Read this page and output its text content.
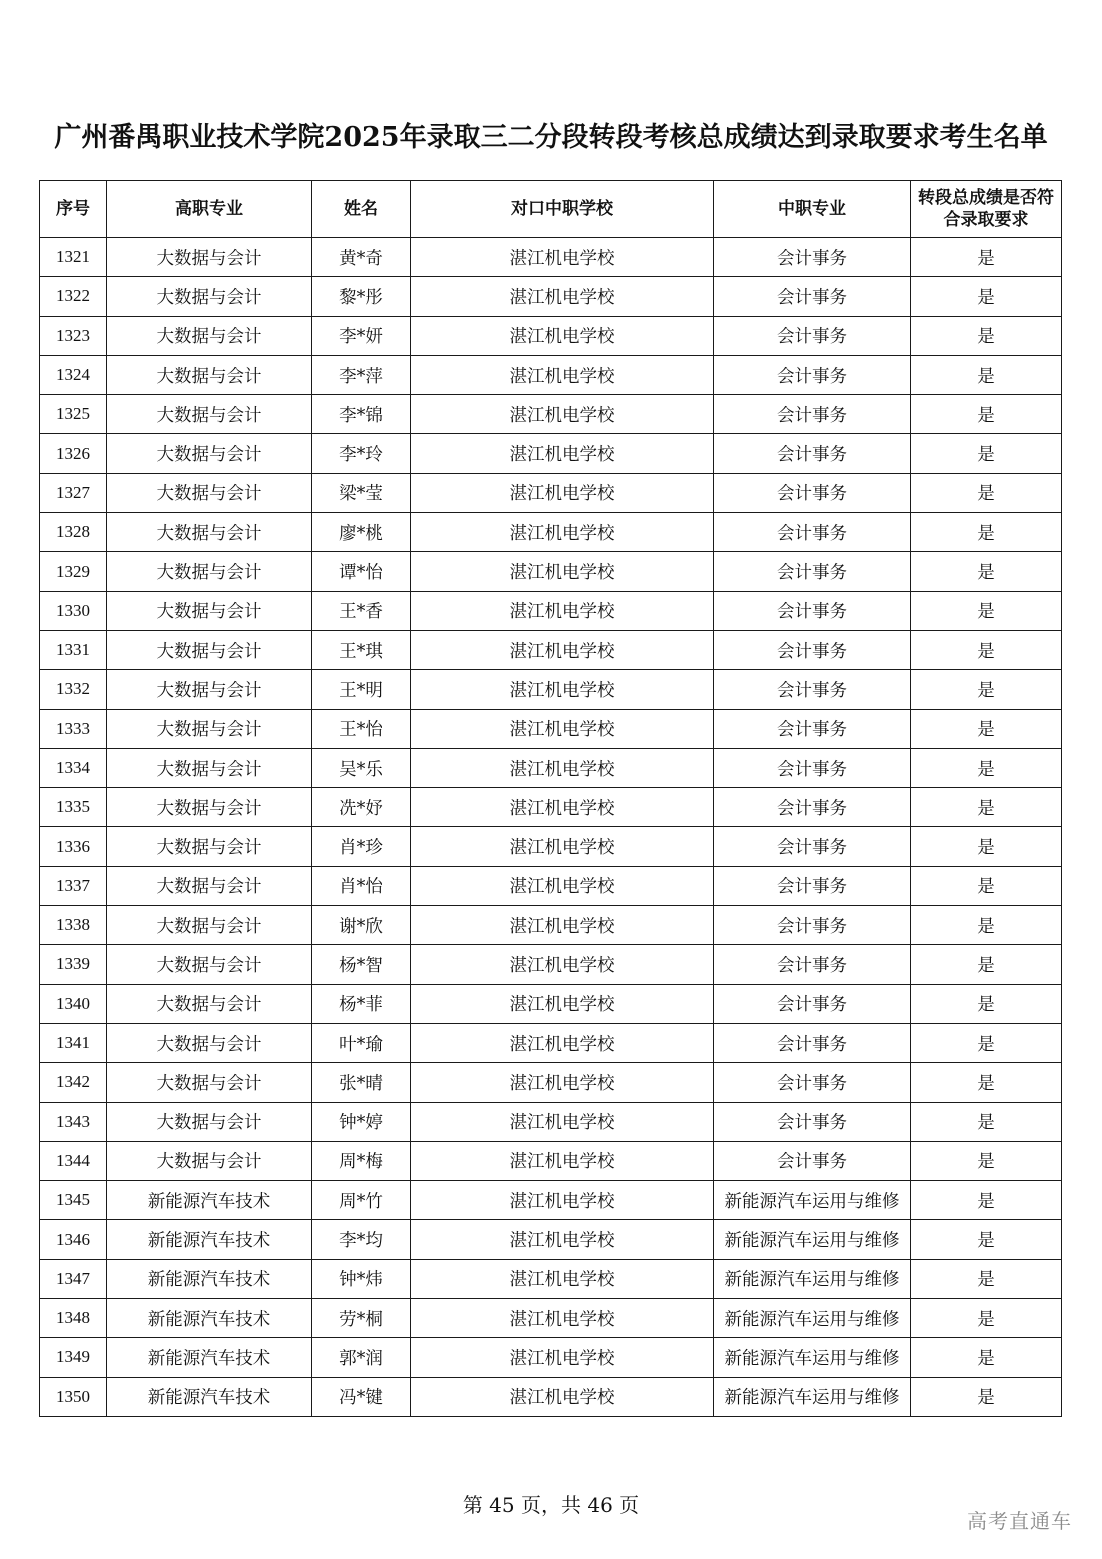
广州番禺职业技术学院2025年录取三二分段转段考核总成绩达到录取要求考生名单
序号	高职专业	姓名	对口中职学校	中职专业	转段总成绩是否符合录取要求
1321	大数据与会计	黄*奇	湛江机电学校	会计事务	是
1322	大数据与会计	黎*彤	湛江机电学校	会计事务	是
1323	大数据与会计	李*妍	湛江机电学校	会计事务	是
1324	大数据与会计	李*萍	湛江机电学校	会计事务	是
1325	大数据与会计	李*锦	湛江机电学校	会计事务	是
1326	大数据与会计	李*玲	湛江机电学校	会计事务	是
1327	大数据与会计	梁*莹	湛江机电学校	会计事务	是
1328	大数据与会计	廖*桃	湛江机电学校	会计事务	是
1329	大数据与会计	谭*怡	湛江机电学校	会计事务	是
1330	大数据与会计	王*香	湛江机电学校	会计事务	是
1331	大数据与会计	王*琪	湛江机电学校	会计事务	是
1332	大数据与会计	王*明	湛江机电学校	会计事务	是
1333	大数据与会计	王*怡	湛江机电学校	会计事务	是
1334	大数据与会计	吴*乐	湛江机电学校	会计事务	是
1335	大数据与会计	冼*妤	湛江机电学校	会计事务	是
1336	大数据与会计	肖*珍	湛江机电学校	会计事务	是
1337	大数据与会计	肖*怡	湛江机电学校	会计事务	是
1338	大数据与会计	谢*欣	湛江机电学校	会计事务	是
1339	大数据与会计	杨*智	湛江机电学校	会计事务	是
1340	大数据与会计	杨*菲	湛江机电学校	会计事务	是
1341	大数据与会计	叶*瑜	湛江机电学校	会计事务	是
1342	大数据与会计	张*晴	湛江机电学校	会计事务	是
1343	大数据与会计	钟*婷	湛江机电学校	会计事务	是
1344	大数据与会计	周*梅	湛江机电学校	会计事务	是
1345	新能源汽车技术	周*竹	湛江机电学校	新能源汽车运用与维修	是
1346	新能源汽车技术	李*均	湛江机电学校	新能源汽车运用与维修	是
1347	新能源汽车技术	钟*炜	湛江机电学校	新能源汽车运用与维修	是
1348	新能源汽车技术	劳*桐	湛江机电学校	新能源汽车运用与维修	是
1349	新能源汽车技术	郭*润	湛江机电学校	新能源汽车运用与维修	是
1350	新能源汽车技术	冯*键	湛江机电学校	新能源汽车运用与维修	是
第 45 页，共 46 页
高考直通车
